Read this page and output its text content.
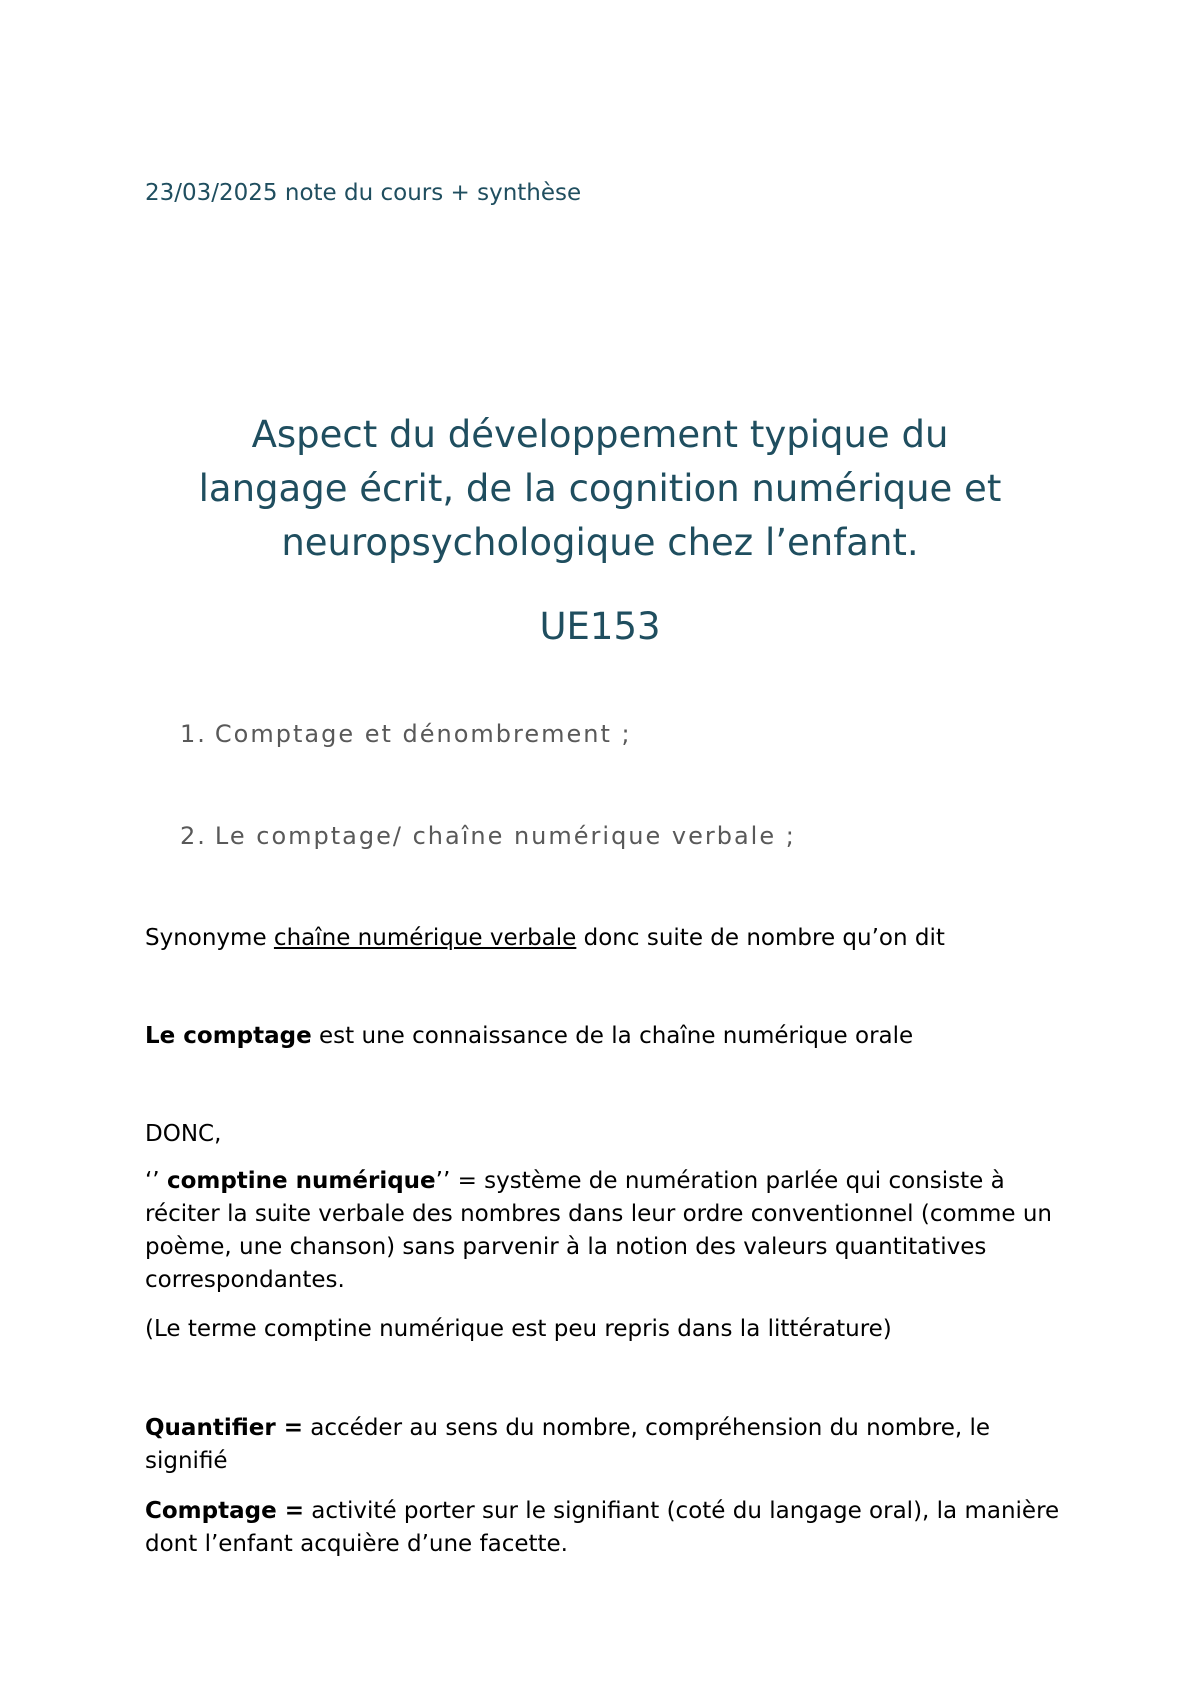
23/03/2025 note du cours + synthèse
Aspect du développement typique du
langage écrit, de la cognition numérique et
neuropsychologique chez l’enfant.
UE153
1. Comptage et dénombrement ;
2. Le comptage/ chaîne numérique verbale ;
Synonyme chaîne numérique verbale donc suite de nombre qu’on dit
Le comptage est une connaissance de la chaîne numérique orale
DONC,
‘’ comptine numérique’’ = système de numération parlée qui consiste à réciter la suite verbale des nombres dans leur ordre conventionnel (comme un poème, une chanson) sans parvenir à la notion des valeurs quantitatives correspondantes.
(Le terme comptine numérique est peu repris dans la littérature)
Quantifier = accéder au sens du nombre, compréhension du nombre, le signifié
Comptage = activité porter sur le signifiant (coté du langage oral), la manière dont l’enfant acquière d’une facette.
